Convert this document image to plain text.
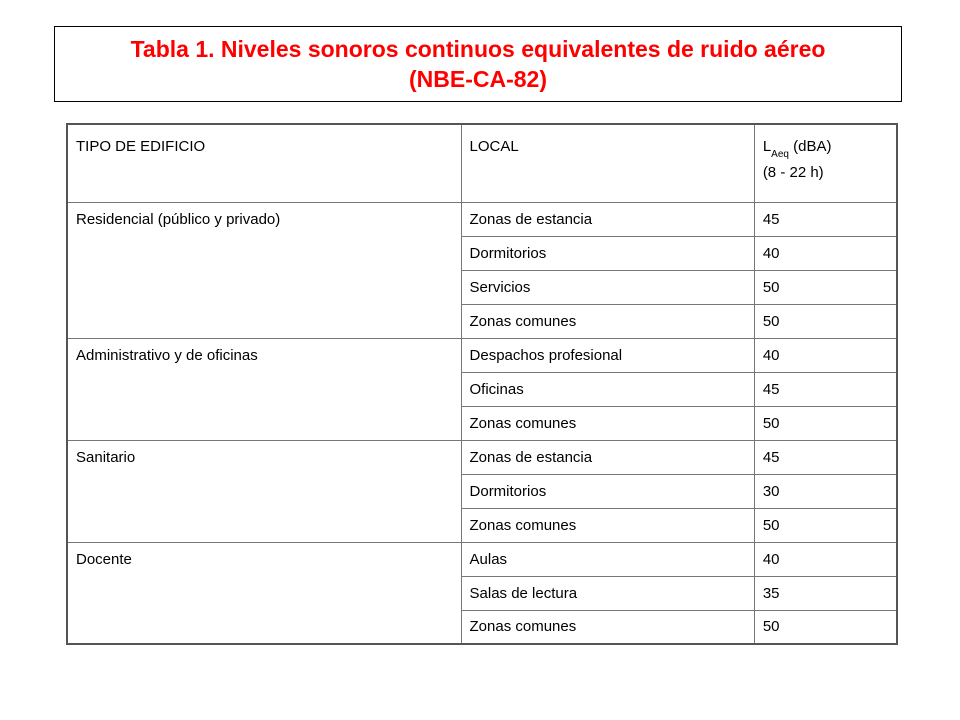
Tabla 1. Niveles sonoros continuos equivalentes de ruido aéreo
(NBE-CA-82)
TIPO DE EDIFICIO	LOCAL	$L_{Aeq}$ (dBA)
(8 - 22 h)
Residencial (público y privado)	Zonas de estancia	45
	Dormitorios	40
	Servicios	50
	Zonas comunes	50
Administrativo y de oficinas	Despachos profesional	40
	Oficinas	45
	Zonas comunes	50
Sanitario	Zonas de estancia	45
	Dormitorios	30
	Zonas comunes	50
Docente	Aulas	40
	Salas de lectura	35
	Zonas comunes	50
